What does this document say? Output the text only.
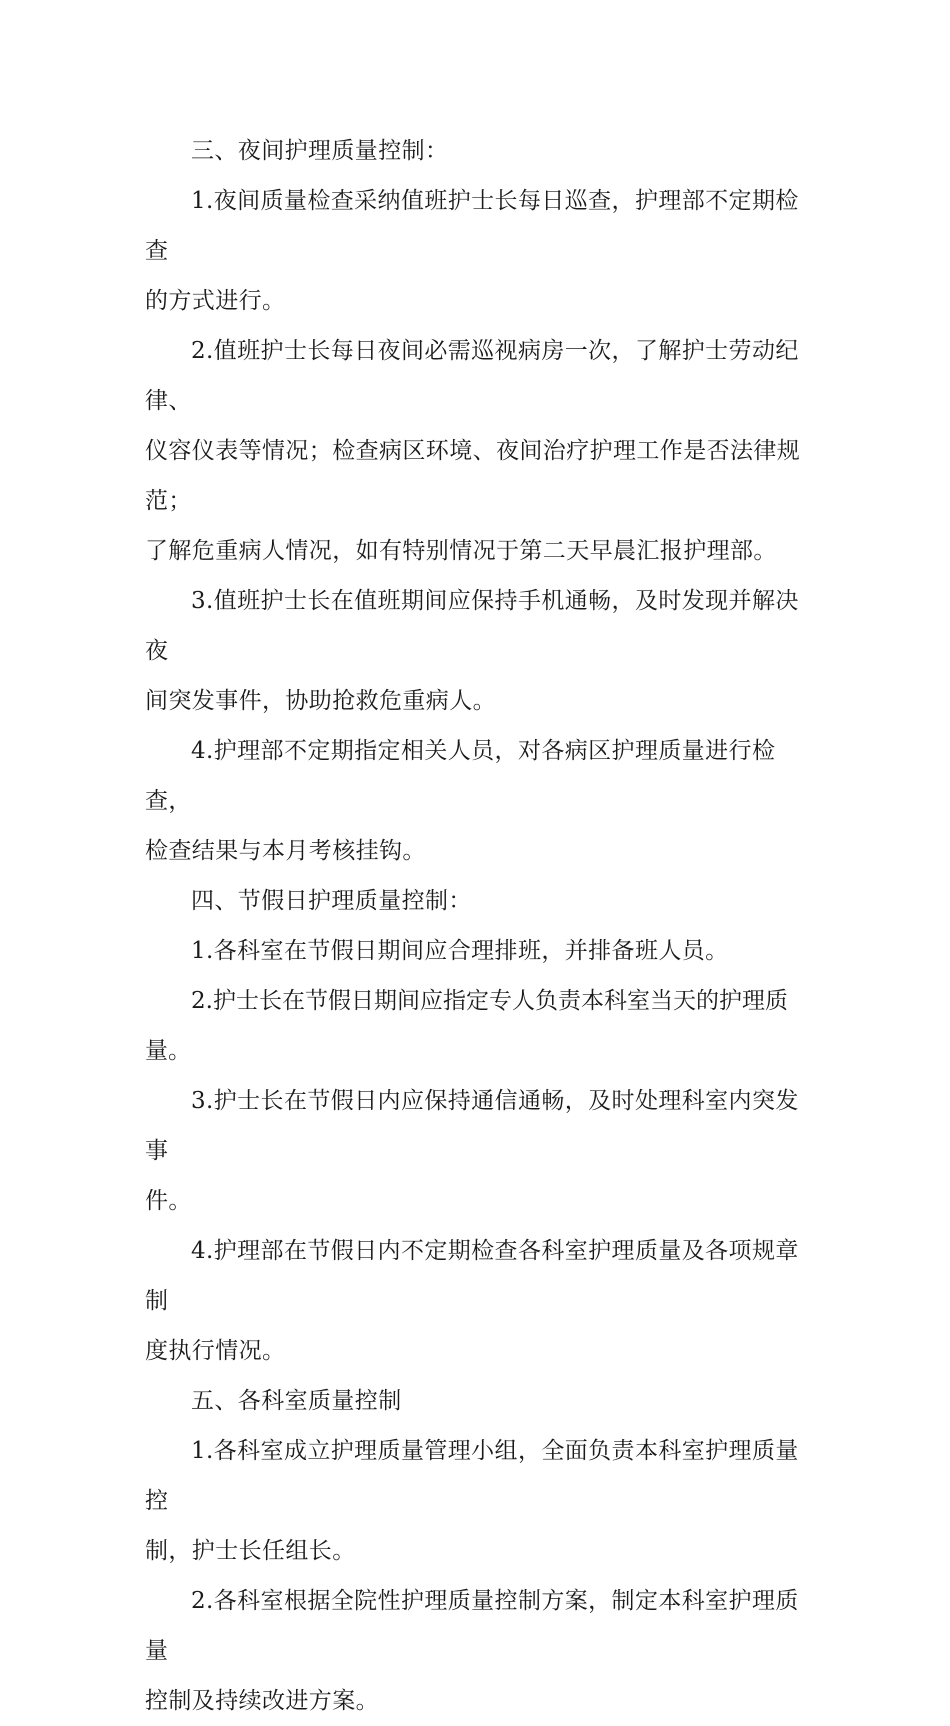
三、夜间护理质量控制：

1.夜间质量检查采纳值班护士长每日巡查，护理部不定期检查
的方式进行。

2.值班护士长每日夜间必需巡视病房一次，了解护士劳动纪律、
仪容仪表等情况；检查病区环境、夜间治疗护理工作是否法律规范；
了解危重病人情况，如有特别情况于第二天早晨汇报护理部。

3.值班护士长在值班期间应保持手机通畅，及时发现并解决夜
间突发事件，协助抢救危重病人。

4.护理部不定期指定相关人员，对各病区护理质量进行检查，
检查结果与本月考核挂钩。

四、节假日护理质量控制：

1.各科室在节假日期间应合理排班，并排备班人员。

2.护士长在节假日期间应指定专人负责本科室当天的护理质量。

3.护士长在节假日内应保持通信通畅，及时处理科室内突发事
件。

4.护理部在节假日内不定期检查各科室护理质量及各项规章制
度执行情况。

五、各科室质量控制

1.各科室成立护理质量管理小组，全面负责本科室护理质量控
制，护士长任组长。

2.各科室根据全院性护理质量控制方案，制定本科室护理质量
控制及持续改进方案。
